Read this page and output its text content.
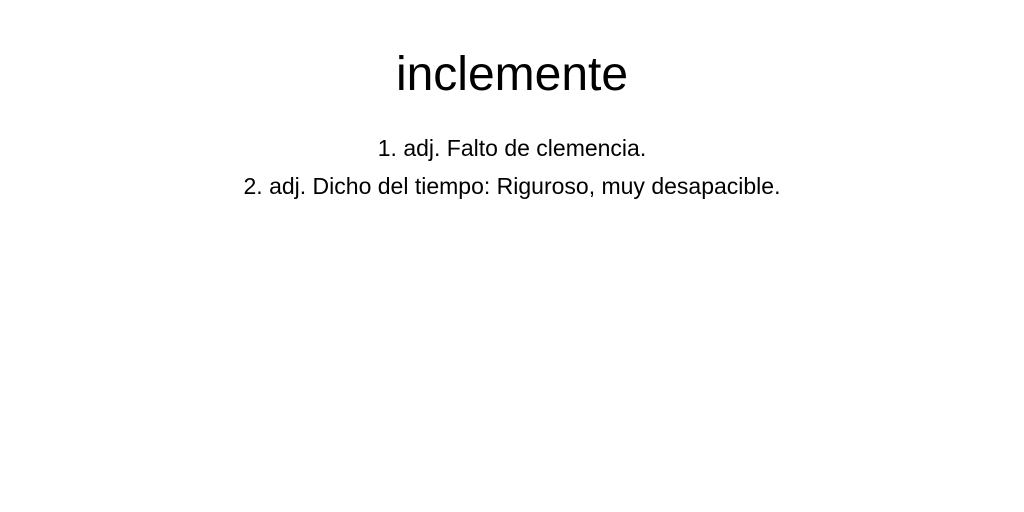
inclemente
1. adj. Falto de clemencia.
2. adj. Dicho del tiempo: Riguroso, muy desapacible.
